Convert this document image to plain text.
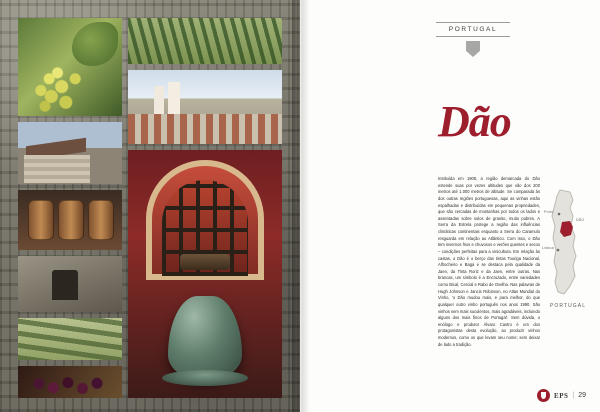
PORTUGAL
Dão

Instituída em 1908, a região demarcada do Dão estende suas por vezes altitudes que vão dos 200 metros até 1.000 metros de altitude. Se comparada às dos outras regiões portuguesas, aqui as vinhas estão espalhadas e distribuídas em pequenas propriedades, que são cercadas de montanhas por todos os lados e assentadas sobre solos de granito, muito pobres. A Serra da Estrela protege a região das influências climáticas continentais enquanto a Serra do Caramulo resguarda em relação ao Atlântico. Com isso, o Dão tem invernos frios e chuvosos e verões quentes e secos – condições perfeitas para a vinicultura. Em relação às castas, o Dão é o berço das tintas Touriga Nacional, Alfrocheiro e Baga e se destaca pela qualidade da Jaen, da Tinta Roriz e da Jaen, entre outras. Nas brancas, um simbolo é a Encruzado, entre variedades como Bical, Cercial e Rabo de Ovelha. Nas palavras de Hugh Johnson e Jancis Robinson, no Atlas Mundial do Vinho, 'o Dão mudou mais, e para melhor, do que qualquer outro vinho português nos anos 1990. São vinhos sem mais suculentos, mais agradáveis, incluindo alguns dos mais finos de Portugal'. Sem dúvida, o enólogo e produtor Álvaro Castro é um dos protagonistas desta evolução, ao produzir vinhos modernos, como os que levam seu nome; sem deixar de lado a tradição.

PORTUGAL
DÃO
Lisboa
Porto
EPS | 29
